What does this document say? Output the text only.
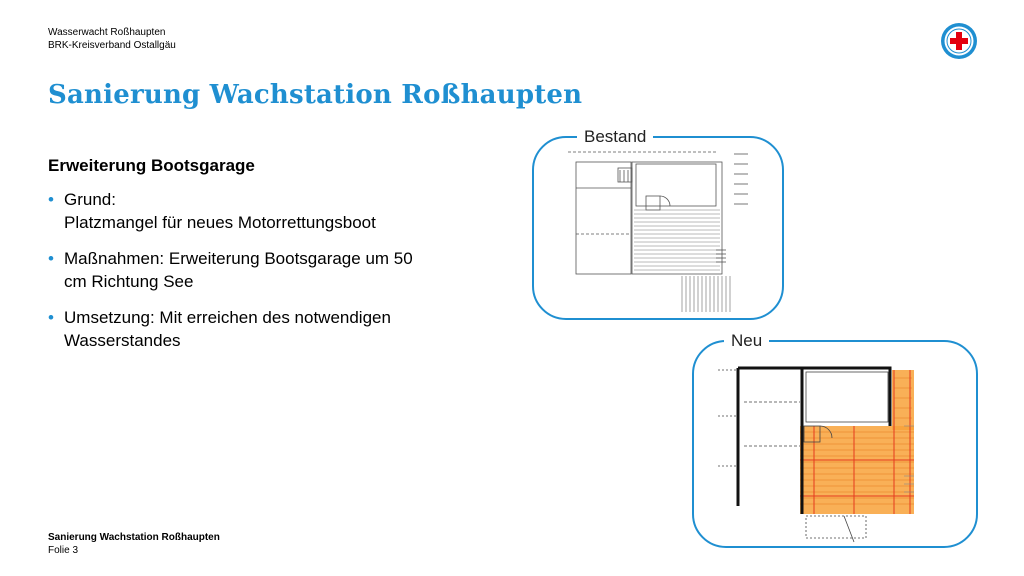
Wasserwacht Roßhaupten
BRK-Kreisverband Ostallgäu
Sanierung Wachstation Roßhaupten
Erweiterung Bootsgarage
• Grund:
Platzmangel für neues Motorrettungsboot
• Maßnahmen: Erweiterung Bootsgarage um 50
cm Richtung See
• Umsetzung: Mit erreichen des notwendigen
Wasserstandes
Bestand
Neu
Sanierung Wachstation Roßhaupten
Folie 3
